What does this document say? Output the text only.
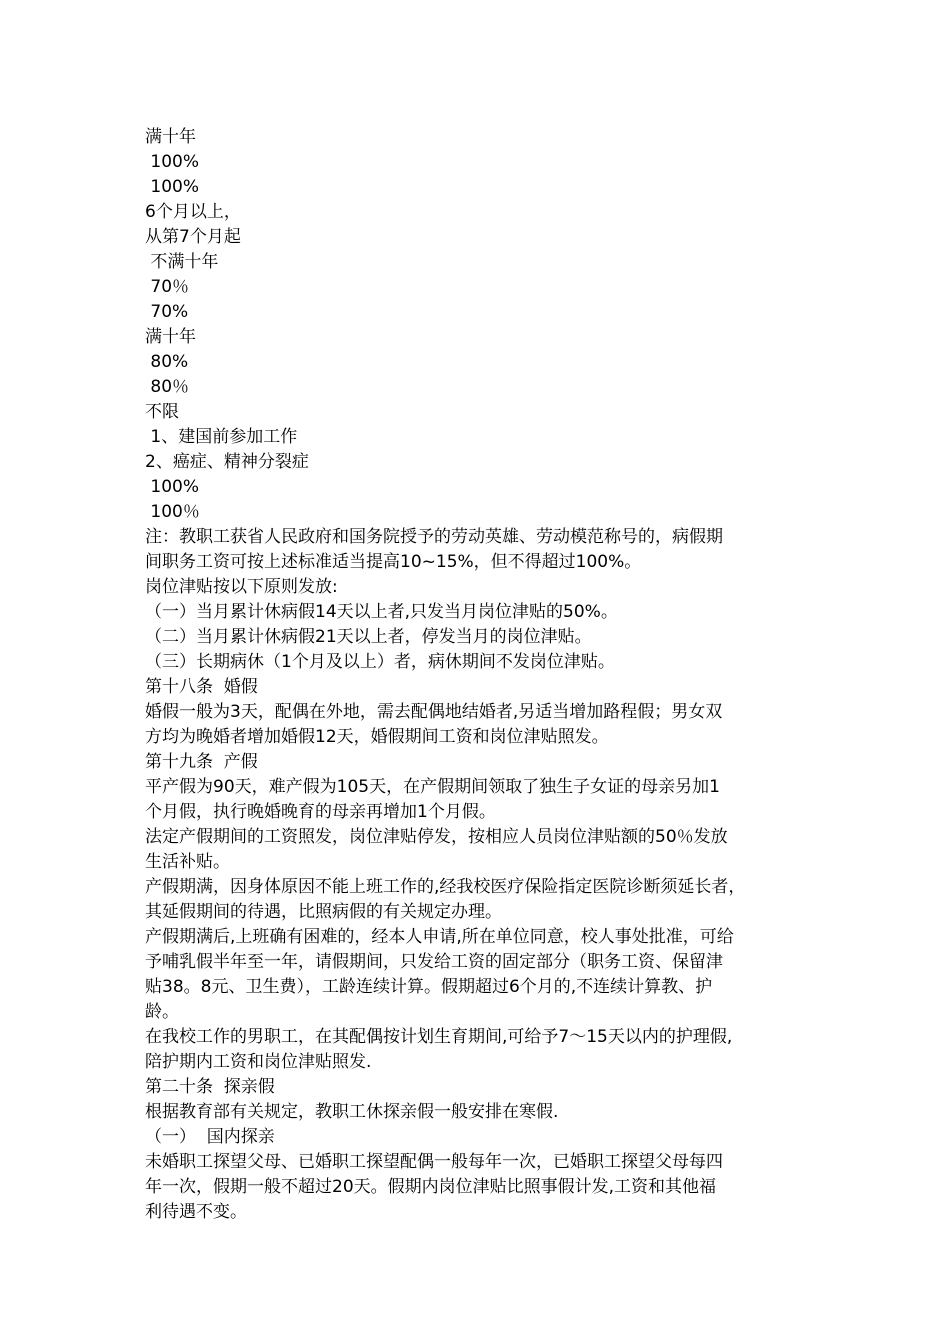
满十年

100%

100%

6个月以上，

从第7个月起

不满十年

70％

70%

满十年

80%

80％

不限

1、建国前参加工作

2、癌症、精神分裂症

100%

100％

注：教职工获省人民政府和国务院授予的劳动英雄、劳动模范称号的，病假期

间职务工资可按上述标准适当提高10~15%，但不得超过100%。

岗位津贴按以下原则发放:

（一）当月累计休病假14天以上者,只发当月岗位津贴的50%。

（二）当月累计休病假21天以上者，停发当月的岗位津贴。

（三）长期病休（1个月及以上）者，病休期间不发岗位津贴。

第十八条  婚假

婚假一般为3天，配偶在外地，需去配偶地结婚者,另适当增加路程假；男女双

方均为晚婚者增加婚假12天，婚假期间工资和岗位津贴照发。

第十九条  产假

平产假为90天，难产假为105天，在产假期间领取了独生子女证的母亲另加1

个月假，执行晚婚晚育的母亲再增加1个月假。

法定产假期间的工资照发，岗位津贴停发，按相应人员岗位津贴额的50％发放

生活补贴。

产假期满，因身体原因不能上班工作的,经我校医疗保险指定医院诊断须延长者，

其延假期间的待遇，比照病假的有关规定办理。

产假期满后,上班确有困难的，经本人申请,所在单位同意，校人事处批准，可给

予哺乳假半年至一年，请假期间，只发给工资的固定部分（职务工资、保留津

贴38。8元、卫生费），工龄连续计算。假期超过6个月的,不连续计算教、护

龄。

在我校工作的男职工，在其配偶按计划生育期间,可给予7～15天以内的护理假,

陪护期内工资和岗位津贴照发.

第二十条  探亲假

根据教育部有关规定，教职工休探亲假一般安排在寒假.

（一）  国内探亲

未婚职工探望父母、已婚职工探望配偶一般每年一次，已婚职工探望父母每四

年一次，假期一般不超过20天。假期内岗位津贴比照事假计发,工资和其他福

利待遇不变。
